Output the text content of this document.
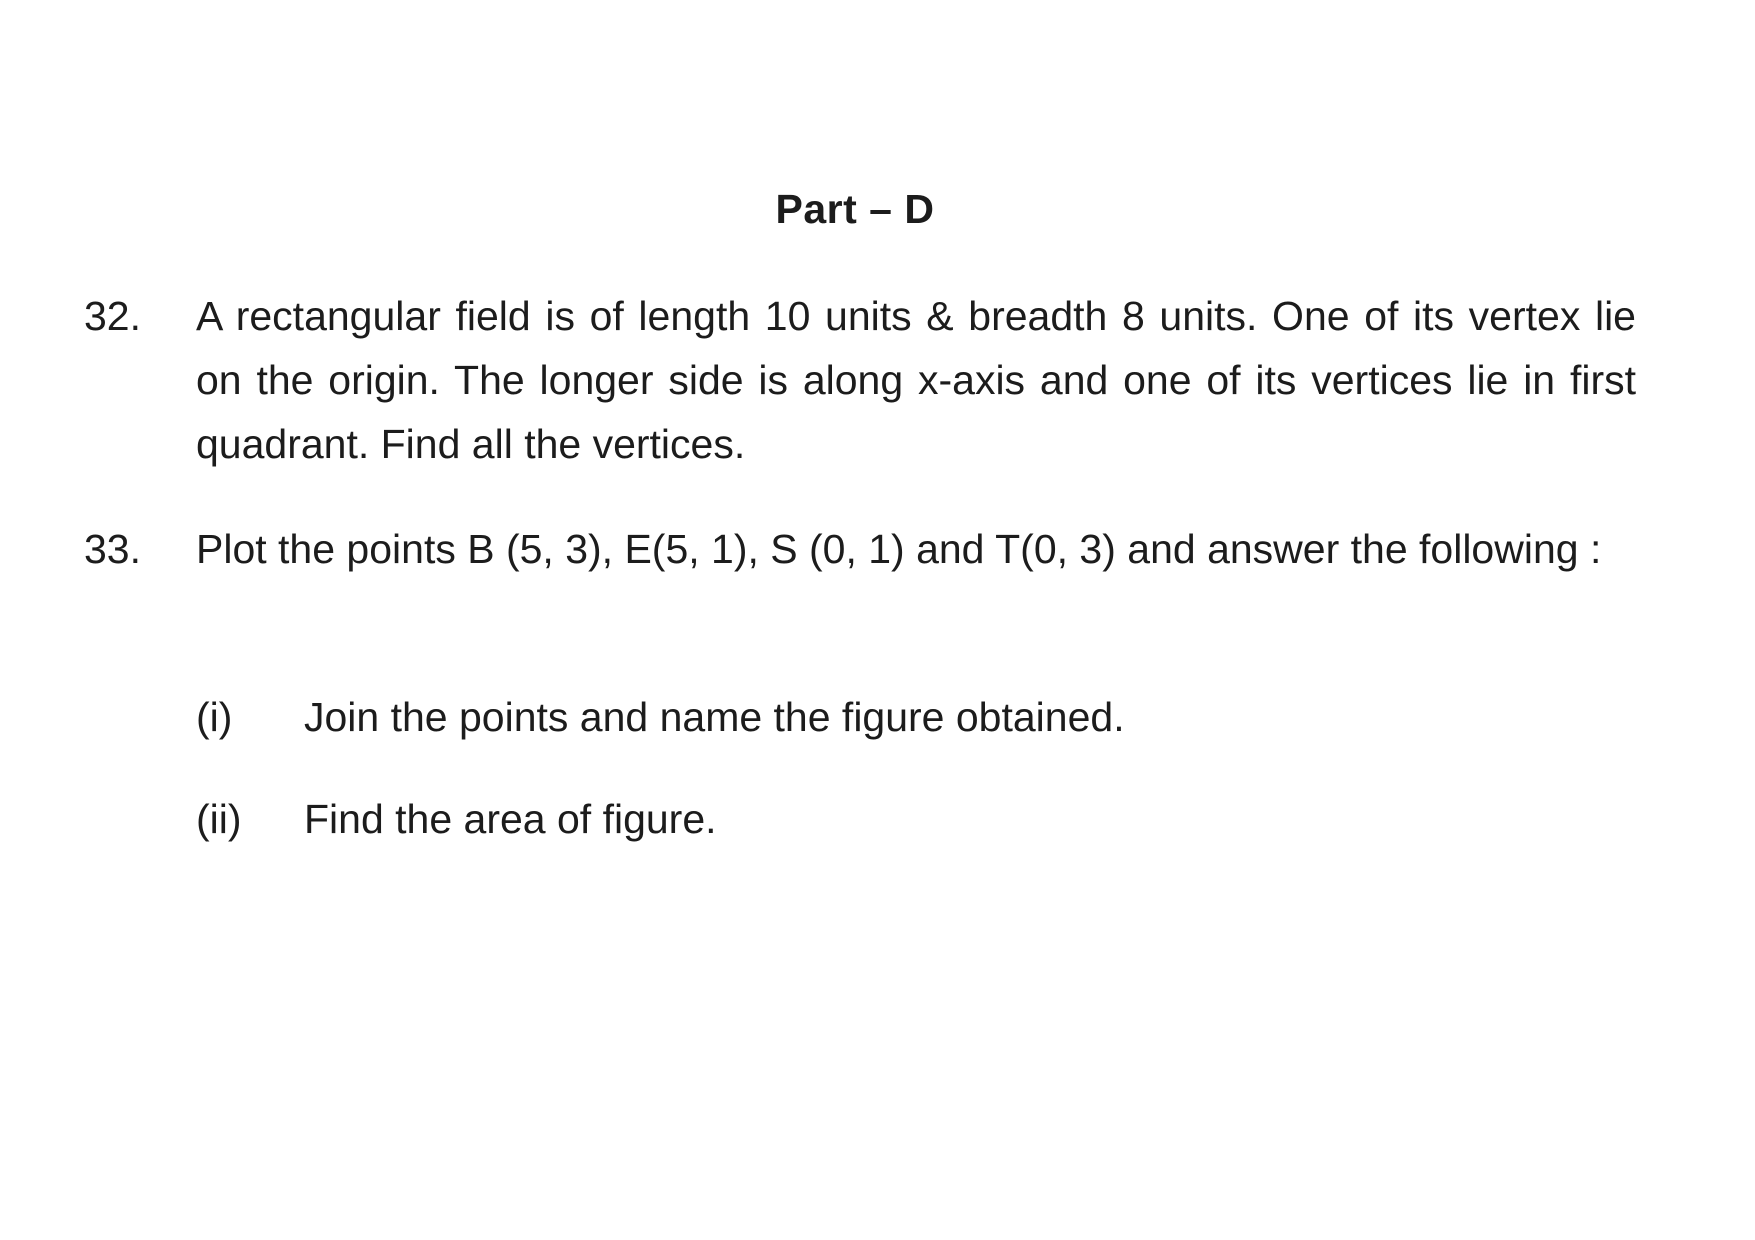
Part – D
32. A rectangular field is of length 10 units & breadth 8 units. One of its vertex lie on the origin. The longer side is along x-axis and one of its vertices lie in first quadrant. Find all the vertices.
33. Plot the points B (5, 3), E(5, 1), S (0, 1) and T(0, 3) and answer the following :
(i) Join the points and name the figure obtained.
(ii) Find the area of figure.
